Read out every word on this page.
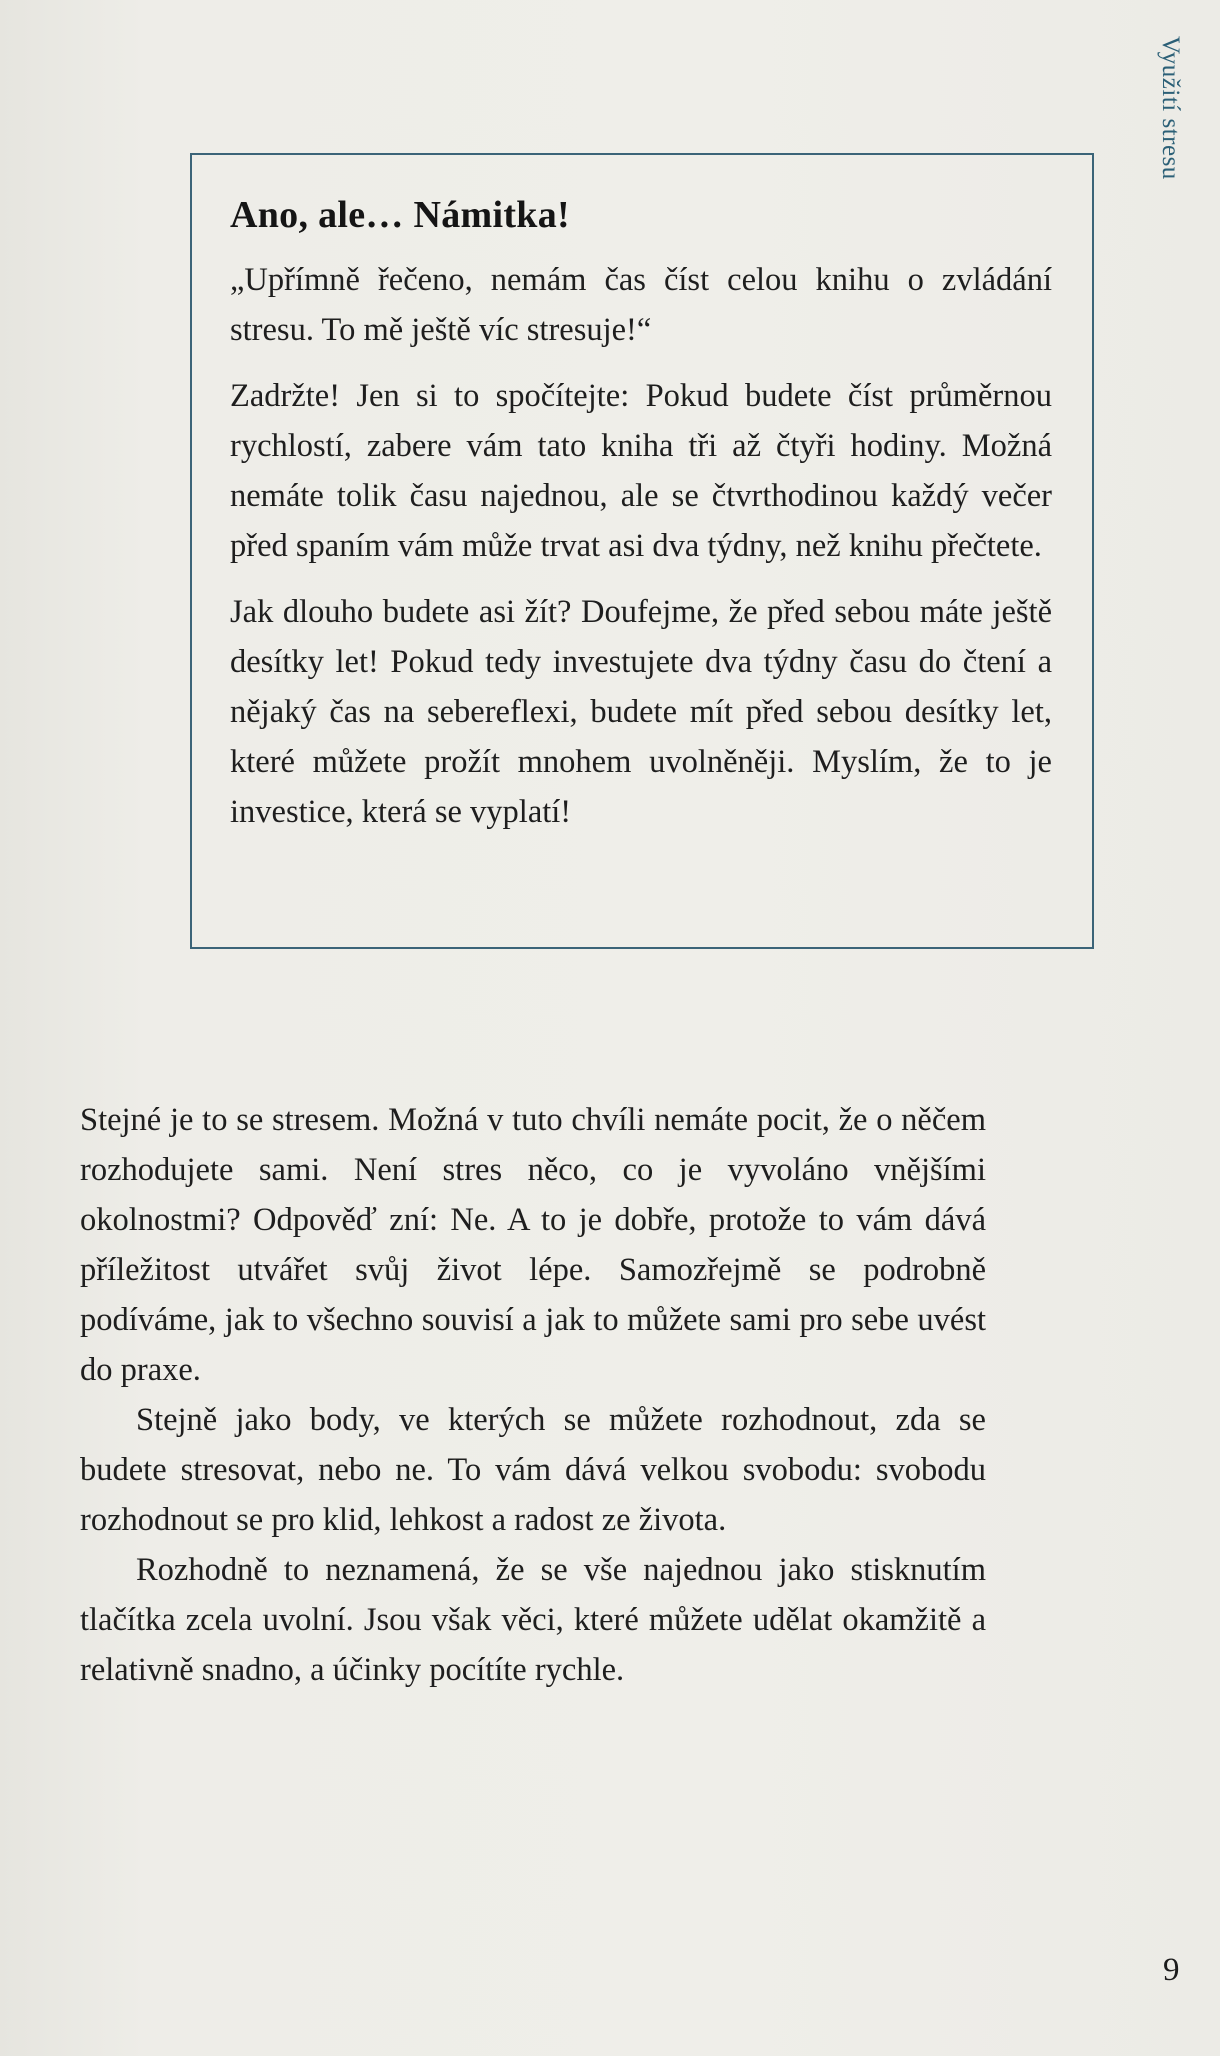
Využití stresu
Ano, ale… Námitka!

„Upřímně řečeno, nemám čas číst celou knihu o zvládání stresu. To mě ještě víc stresuje!“

Zadržte! Jen si to spočítejte: Pokud budete číst průměrnou rychlostí, zabere vám tato kniha tři až čtyři hodiny. Možná nemáte tolik času najednou, ale se čtvrthodinou každý večer před spaním vám může trvat asi dva týdny, než knihu přečtete.

Jak dlouho budete asi žít? Doufejme, že před sebou máte ještě desítky let! Pokud tedy investujete dva týdny času do čtení a nějaký čas na sebereflexi, budete mít před sebou desítky let, které můžete prožít mnohem uvolněněji. Myslím, že to je investice, která se vyplatí!

Stejné je to se stresem. Možná v tuto chvíli nemáte pocit, že o něčem rozhodujete sami. Není stres něco, co je vyvoláno vnějšími okolnostmi? Odpověď zní: Ne. A to je dobře, protože to vám dává příležitost utvářet svůj život lépe. Samozřejmě se podrobně podíváme, jak to všechno souvisí a jak to můžete sami pro sebe uvést do praxe.

Stejně jako body, ve kterých se můžete rozhodnout, zda se budete stresovat, nebo ne. To vám dává velkou svobodu: svobodu rozhodnout se pro klid, lehkost a radost ze života.

Rozhodně to neznamená, že se vše najednou jako stisknutím tlačítka zcela uvolní. Jsou však věci, které můžete udělat okamžitě a relativně snadno, a účinky pocítíte rychle.

9
